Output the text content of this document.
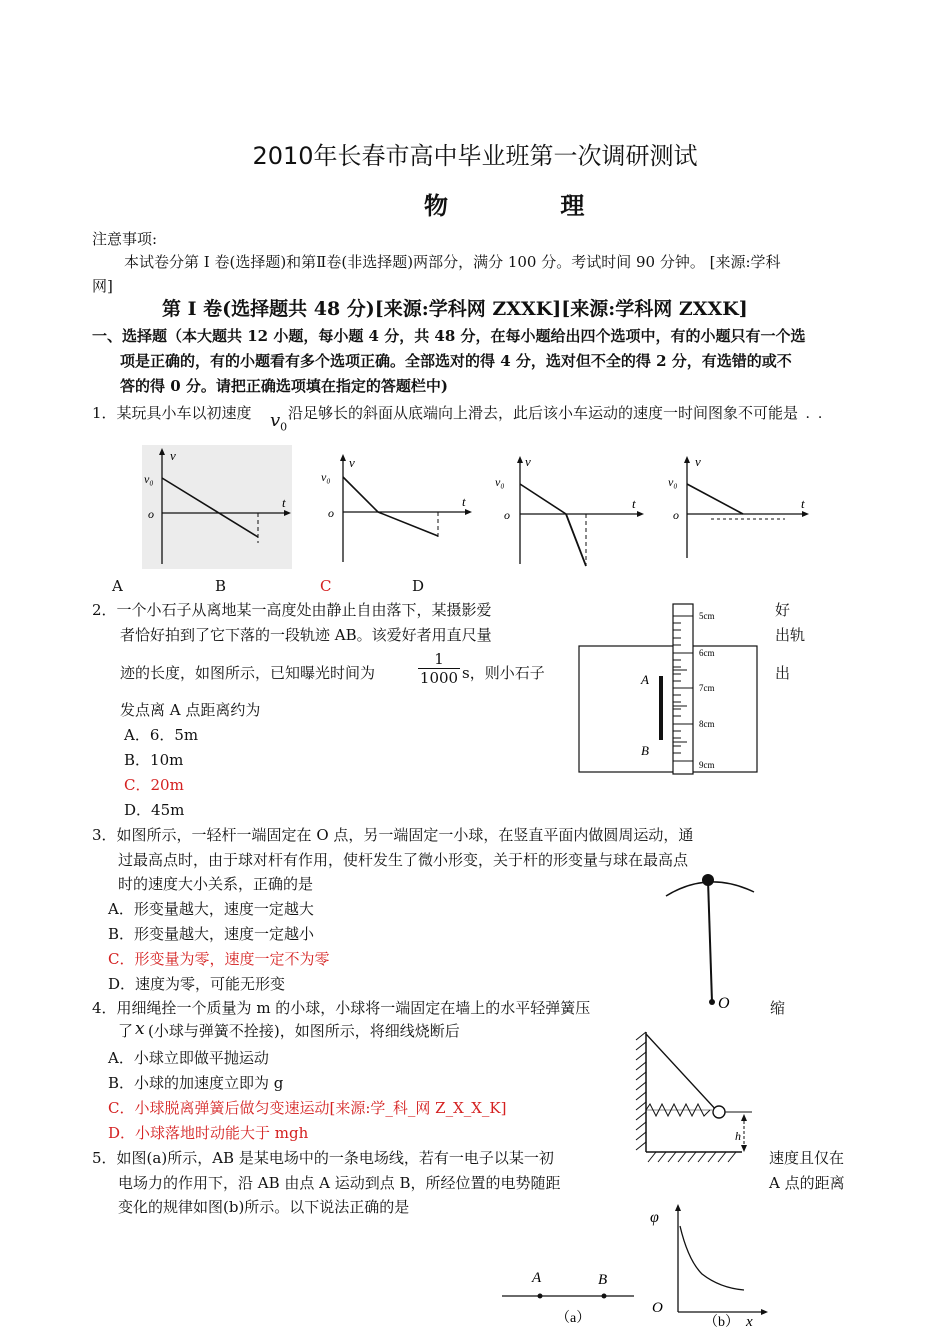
2010年长春市高中毕业班第一次调研测试
物 理
注意事项:
本试卷分第 I 卷(选择题)和第Ⅱ卷(非选择题)两部分，满分 100 分。考试时间 90 分钟。 [来源:学科
网]
第 I 卷(选择题共 48 分)[来源:学科网 ZXXK][来源:学科网 ZXXK]
一、选择题（本大题共 12 小题，每小题 4 分，共 48 分，在每小题给出四个选项中，有的小题只有一个选
项是正确的，有的小题看有多个选项正确。全部选对的得 4 分，选对但不全的得 2 分，有选错的或不
答的得 0 分。请把正确选项填在指定的答题栏中)
1．某玩具小车以初速度 $v_0$
沿足够长的斜面从底端向上滑去，此后该小车运动的速度一时间图象不可能是
···
v
v₀
o
t
v
v₀
o
t
v
v₀
o
t
v
v₀
o
t
A	B	C	D
2．一个小石子从离地某一高度处由静止自由落下，某摄影爱	好
者恰好拍到了它下落的一段轨迹 AB。该爱好者用直尺量	出轨
迹的长度，如图所示，已知曝光时间为	$\frac{1}{1000}$ s，则小石子	出
发点离 A 点距离约为
A．6．5m
B．10m
C．20m
D．45m
5cm
6cm
7cm
8cm
9cm
A
B
3．如图所示，一轻杆一端固定在 O 点，另一端固定一小球，在竖直平面内做圆周运动，通
过最高点时，由于球对杆有作用，使杆发生了微小形变，关于杆的形变量与球在最高点
时的速度大小关系，正确的是
A．形变量越大，速度一定越大
B．形变量越大，速度一定越小
C．形变量为零，速度一定不为零
D．速度为零，可能无形变
O
4．用细绳拴一个质量为 m 的小球，小球将一端固定在墙上的水平轻弹簧压	缩
了 x (小球与弹簧不拴接)，如图所示，将细线烧断后
A．小球立即做平抛运动
B．小球的加速度立即为 g
C．小球脱离弹簧后做匀变速运动[来源:学_科_网 Z_X_X_K]
D．小球落地时动能大于 mgh	h
5．如图(a)所示，AB 是某电场中的一条电场线，若有一电子以某一初	速度且仅在
电场力的作用下，沿 AB 由点 A 运动到点 B，所经位置的电势随距	A 点的距离
变化的规律如图(b)所示。以下说法正确的是
A	B
（a）
φ
O
（b） x
